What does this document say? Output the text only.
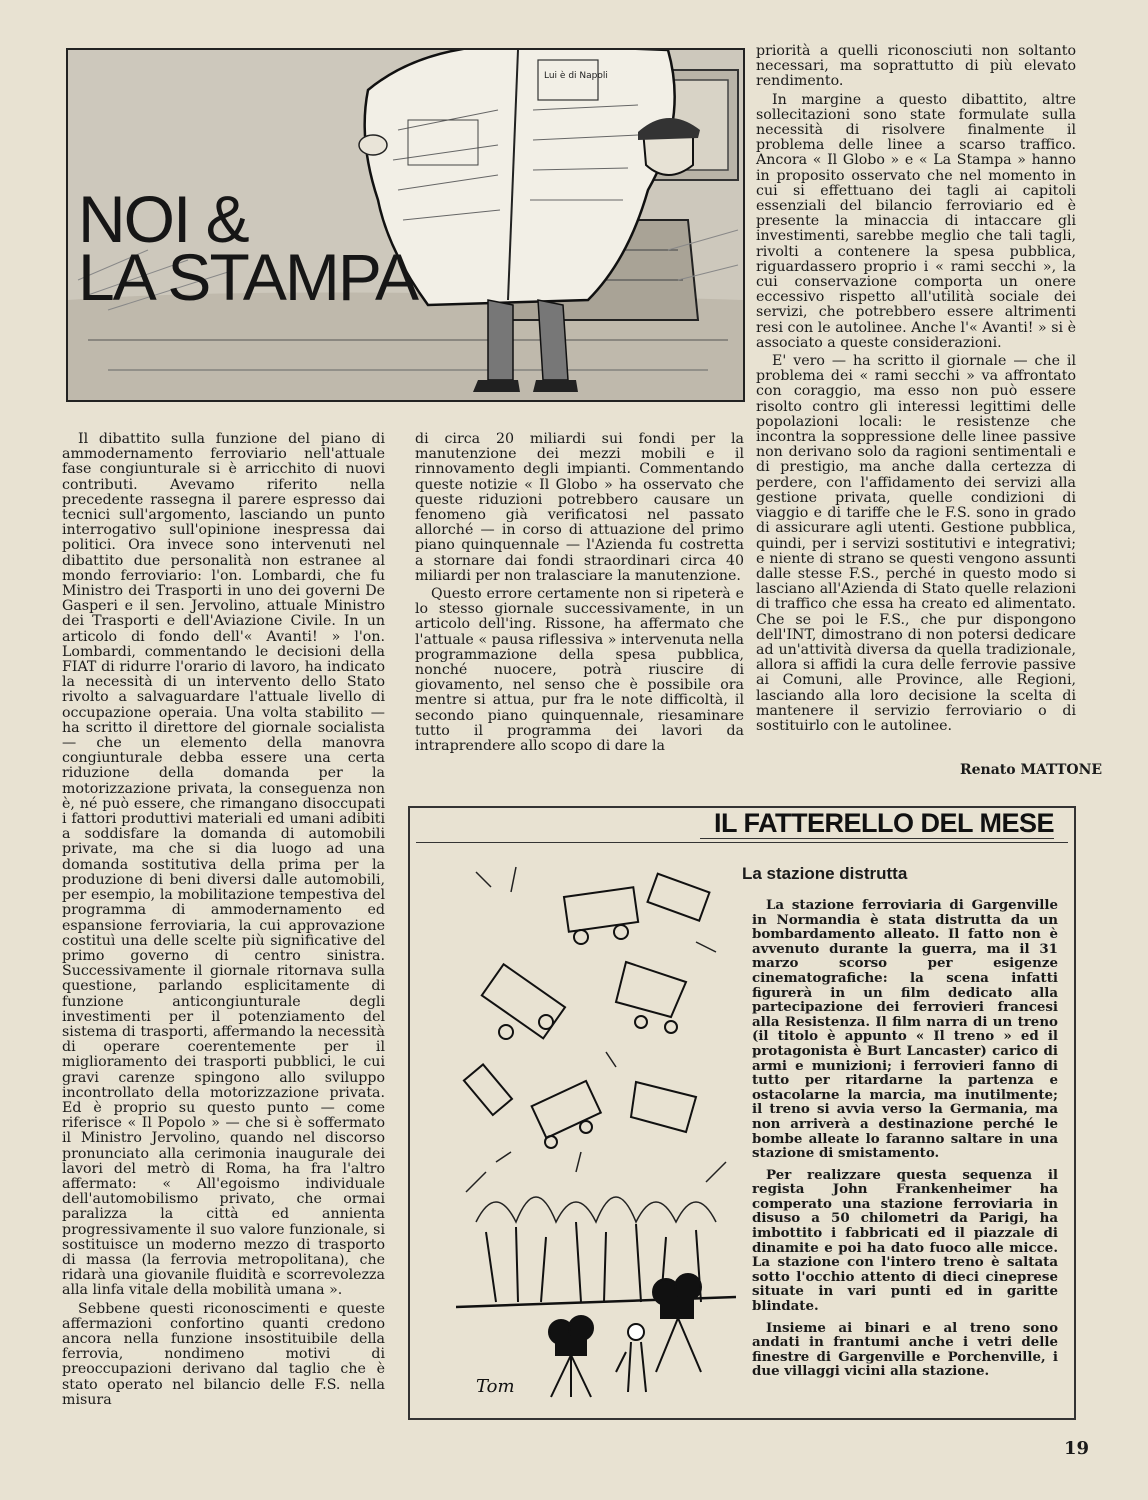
Lui è di Napoli
NOI &
LA STAMPA

Il dibattito sulla funzione del piano di ammodernamento ferroviario nell'attuale fase congiunturale si è arricchito di nuovi contributi. Avevamo riferito nella precedente rassegna il parere espresso dai tecnici sull'argomento, lasciando un punto interrogativo sull'opinione inespressa dai politici. Ora invece sono intervenuti nel dibattito due personalità non estranee al mondo ferroviario: l'on. Lombardi, che fu Ministro dei Trasporti in uno dei governi De Gasperi e il sen. Jervolino, attuale Ministro dei Trasporti e dell'Aviazione Civile. In un articolo di fondo dell'« Avanti! » l'on. Lombardi, commentando le decisioni della FIAT di ridurre l'orario di lavoro, ha indicato la necessità di un intervento dello Stato rivolto a salvaguardare l'attuale livello di occupazione operaia. Una volta stabilito — ha scritto il direttore del giornale socialista — che un elemento della manovra congiunturale debba essere una certa riduzione della domanda per la motorizzazione privata, la conseguenza non è, né può essere, che rimangano disoccupati i fattori produttivi materiali ed umani adibiti a soddisfare la domanda di automobili private, ma che si dia luogo ad una domanda sostitutiva della prima per la produzione di beni diversi dalle automobili, per esempio, la mobilitazione tempestiva del programma di ammodernamento ed espansione ferroviaria, la cui approvazione costituì una delle scelte più significative del primo governo di centro sinistra. Successivamente il giornale ritornava sulla questione, parlando esplicitamente di funzione anticongiunturale degli investimenti per il potenziamento del sistema di trasporti, affermando la necessità di operare coerentemente per il miglioramento dei trasporti pubblici, le cui gravi carenze spingono allo sviluppo incontrollato della motorizzazione privata. Ed è proprio su questo punto — come riferisce « Il Popolo » — che si è soffermato il Ministro Jervolino, quando nel discorso pronunciato alla cerimonia inaugurale dei lavori del metrò di Roma, ha fra l'altro affermato: « All'egoismo individuale dell'automobilismo privato, che ormai paralizza la città ed annienta progressivamente il suo valore funzionale, si sostituisce un moderno mezzo di trasporto di massa (la ferrovia metropolitana), che ridarà una giovanile fluidità e scorrevolezza alla linfa vitale della mobilità umana ».

Sebbene questi riconoscimenti e queste affermazioni confortino quanti credono ancora nella funzione insostituibile della ferrovia, nondimeno motivi di preoccupazioni derivano dal taglio che è stato operato nel bilancio delle F.S. nella misura

di circa 20 miliardi sui fondi per la manutenzione dei mezzi mobili e il rinnovamento degli impianti. Commentando queste notizie « Il Globo » ha osservato che queste riduzioni potrebbero causare un fenomeno già verificatosi nel passato allorché — in corso di attuazione del primo piano quinquennale — l'Azienda fu costretta a stornare dai fondi straordinari circa 40 miliardi per non tralasciare la manutenzione.

Questo errore certamente non si ripeterà e lo stesso giornale successivamente, in un articolo dell'ing. Rissone, ha affermato che l'attuale « pausa riflessiva » intervenuta nella programmazione della spesa pubblica, nonché nuocere, potrà riuscire di giovamento, nel senso che è possibile ora mentre si attua, pur fra le note difficoltà, il secondo piano quinquennale, riesaminare tutto il programma dei lavori da intraprendere allo scopo di dare la

priorità a quelli riconosciuti non soltanto necessari, ma soprattutto di più elevato rendimento.

In margine a questo dibattito, altre sollecitazioni sono state formulate sulla necessità di risolvere finalmente il problema delle linee a scarso traffico. Ancora « Il Globo » e « La Stampa » hanno in proposito osservato che nel momento in cui si effettuano dei tagli ai capitoli essenziali del bilancio ferroviario ed è presente la minaccia di intaccare gli investimenti, sarebbe meglio che tali tagli, rivolti a contenere la spesa pubblica, riguardassero proprio i « rami secchi », la cui conservazione comporta un onere eccessivo rispetto all'utilità sociale dei servizi, che potrebbero essere altrimenti resi con le autolinee. Anche l'« Avanti! » si è associato a queste considerazioni.

E' vero — ha scritto il giornale — che il problema dei « rami secchi » va affrontato con coraggio, ma esso non può essere risolto contro gli interessi legittimi delle popolazioni locali: le resistenze che incontra la soppressione delle linee passive non derivano solo da ragioni sentimentali e di prestigio, ma anche dalla certezza di perdere, con l'affidamento dei servizi alla gestione privata, quelle condizioni di viaggio e di tariffe che le F.S. sono in grado di assicurare agli utenti. Gestione pubblica, quindi, per i servizi sostitutivi e integrativi; e niente di strano se questi vengono assunti dalle stesse F.S., perché in questo modo si lasciano all'Azienda di Stato quelle relazioni di traffico che essa ha creato ed alimentato. Che se poi le F.S., che pur dispongono dell'INT, dimostrano di non potersi dedicare ad un'attività diversa da quella tradizionale, allora si affidi la cura delle ferrovie passive ai Comuni, alle Province, alle Regioni, lasciando alla loro decisione la scelta di mantenere il servizio ferroviario o di sostituirlo con le autolinee.

Renato MATTONE
IL FATTERELLO DEL MESE
Tom
La stazione distrutta

La stazione ferroviaria di Gargenville in Normandia è stata distrutta da un bombardamento alleato. Il fatto non è avvenuto durante la guerra, ma il 31 marzo scorso per esigenze cinematografiche: la scena infatti figurerà in un film dedicato alla partecipazione dei ferrovieri francesi alla Resistenza. Il film narra di un treno (il titolo è appunto « Il treno » ed il protagonista è Burt Lancaster) carico di armi e munizioni; i ferrovieri fanno di tutto per ritardarne la partenza e ostacolarne la marcia, ma inutilmente; il treno si avvia verso la Germania, ma non arriverà a destinazione perché le bombe alleate lo faranno saltare in una stazione di smistamento.

Per realizzare questa sequenza il regista John Frankenheimer ha comperato una stazione ferroviaria in disuso a 50 chilometri da Parigi, ha imbottito i fabbricati ed il piazzale di dinamite e poi ha dato fuoco alle micce. La stazione con l'intero treno è saltata sotto l'occhio attento di dieci cineprese situate in vari punti ed in garitte blindate.

Insieme ai binari e al treno sono andati in frantumi anche i vetri delle finestre di Gargenville e Porchenville, i due villaggi vicini alla stazione.

19
